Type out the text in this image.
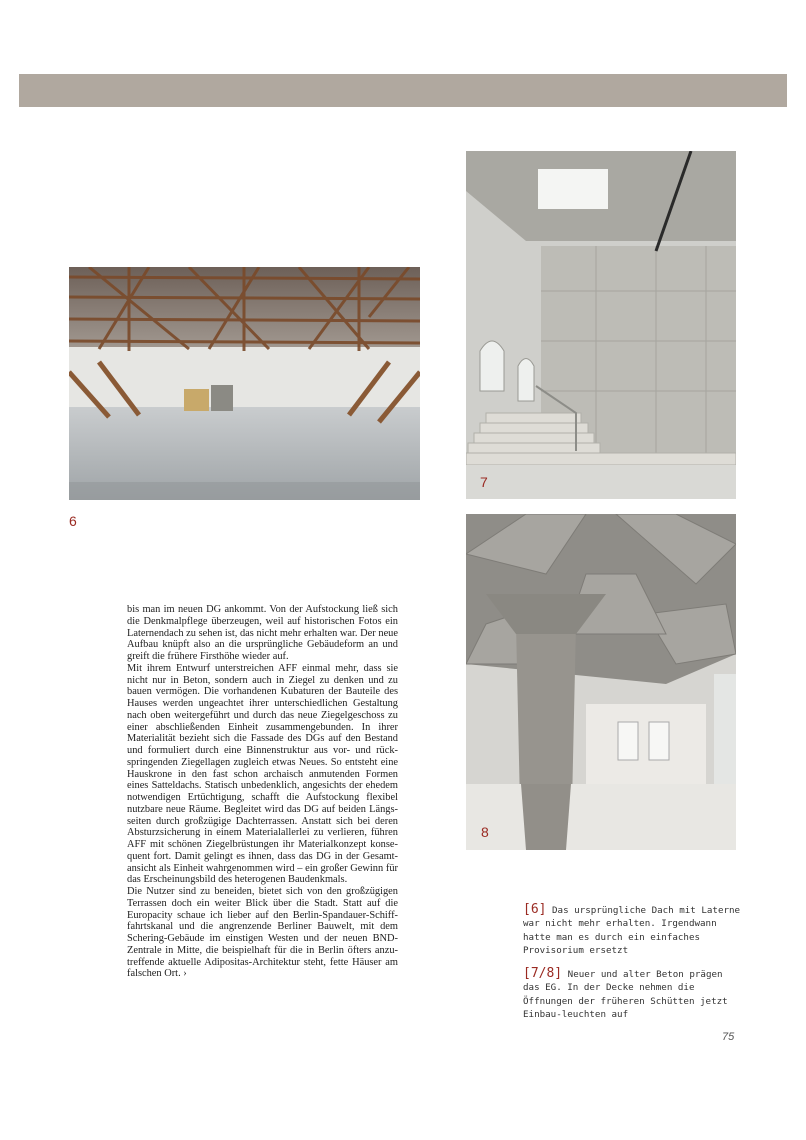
6
7
8

bis man im neuen DG ankommt. Von der Aufstockung ließ sich die Denkmalpflege überzeugen, weil auf historischen Fotos ein Laternendach zu sehen ist, das nicht mehr erhalten war. Der neue Aufbau knüpft also an die ursprüngliche Gebäudeform an und greift die frühere Firsthöhe wieder auf.

Mit ihrem Entwurf unterstreichen AFF einmal mehr, dass sie nicht nur in Beton, sondern auch in Ziegel zu denken und zu bauen vermögen. Die vorhandenen Kubaturen der Bauteile des Hauses werden ungeachtet ihrer unterschiedlichen Gestaltung nach oben weitergeführt und durch das neue Ziegelgeschoss zu einer abschließenden Einheit zusammengebunden. In ihrer Materialität bezieht sich die Fassade des DGs auf den Bestand und formuliert durch eine Binnenstruktur aus vor- und rück-springenden Ziegellagen zugleich etwas Neues. So entsteht eine Hauskrone in den fast schon archaisch anmutenden Formen eines Satteldachs. Statisch unbedenklich, angesichts der ehedem notwendigen Ertüchtigung, schafft die Aufstockung flexibel nutzbare neue Räume. Begleitet wird das DG auf beiden Längs-seiten durch großzügige Dachterrassen. Anstatt sich bei deren Absturzsicherung in einem Materialallerlei zu verlieren, führen AFF mit schönen Ziegelbrüstungen ihr Materialkonzept konse-quent fort. Damit gelingt es ihnen, dass das DG in der Gesamt-ansicht als Einheit wahrgenommen wird – ein großer Gewinn für das Erscheinungsbild des heterogenen Baudenkmals.

Die Nutzer sind zu beneiden, bietet sich von den großzügigen Terrassen doch ein weiter Blick über die Stadt. Statt auf die Europacity schaue ich lieber auf den Berlin-Spandauer-Schiff-fahrtskanal und die angrenzende Berliner Bauwelt, mit dem Schering-Gebäude im einstigen Westen und der neuen BND-Zentrale in Mitte, die beispielhaft für die in Berlin öfters anzu-treffende aktuelle Adipositas-Architektur steht, fette Häuser am falschen Ort. ›

[6] Das ursprüngliche Dach mit Laterne war nicht mehr erhalten. Irgendwann hatte man es durch ein einfaches Provisorium ersetzt
[7/8] Neuer und alter Beton prägen das EG. In der Decke nehmen die Öffnungen der früheren Schütten jetzt Einbau-leuchten auf
75
